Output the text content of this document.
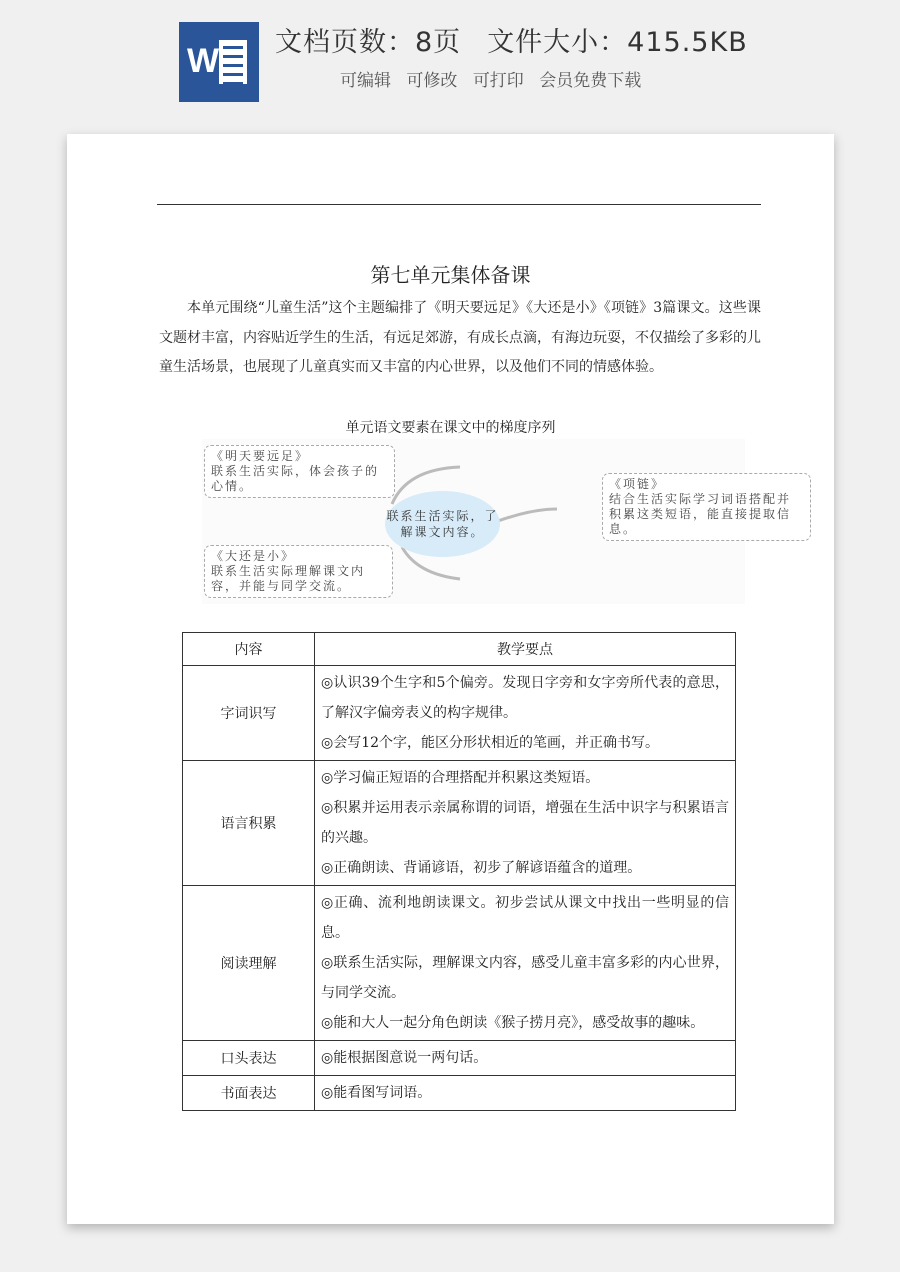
W 文档页数：8页 文件大小：415.5KB
可编辑 可修改 可打印 会员免费下载
第七单元集体备课
本单元围绕“儿童生活”这个主题编排了《明天要远足》《大还是小》《项链》3篇课文。这些课文题材丰富，内容贴近学生的生活，有远足郊游，有成长点滴，有海边玩耍，不仅描绘了多彩的儿童生活场景，也展现了儿童真实而又丰富的内心世界，以及他们不同的情感体验。
单元语文要素在课文中的梯度序列
《明天要远足》
联系生活实际，体会孩子的心情。	《项链》
结合生活实际学习词语搭配并积累这类短语，能直接提取信息。
《大还是小》
联系生活实际理解课文内容，并能与同学交流。
联系生活实际，了解课文内容。
内容	教学要点
字词识写	◎认识39个生字和5个偏旁。发现日字旁和女字旁所代表的意思，了解汉字偏旁表义的构字规律。

◎会写12个字，能区分形状相近的笔画，并正确书写。

语言积累	◎学习偏正短语的合理搭配并积累这类短语。

◎积累并运用表示亲属称谓的词语，增强在生活中识字与积累语言的兴趣。

◎正确朗读、背诵谚语，初步了解谚语蕴含的道理。

阅读理解	◎正确、流利地朗读课文。初步尝试从课文中找出一些明显的信息。

◎联系生活实际，理解课文内容，感受儿童丰富多彩的内心世界，与同学交流。

◎能和大人一起分角色朗读《猴子捞月亮》，感受故事的趣味。

口头表达	◎能根据图意说一两句话。

书面表达	◎能看图写词语。
